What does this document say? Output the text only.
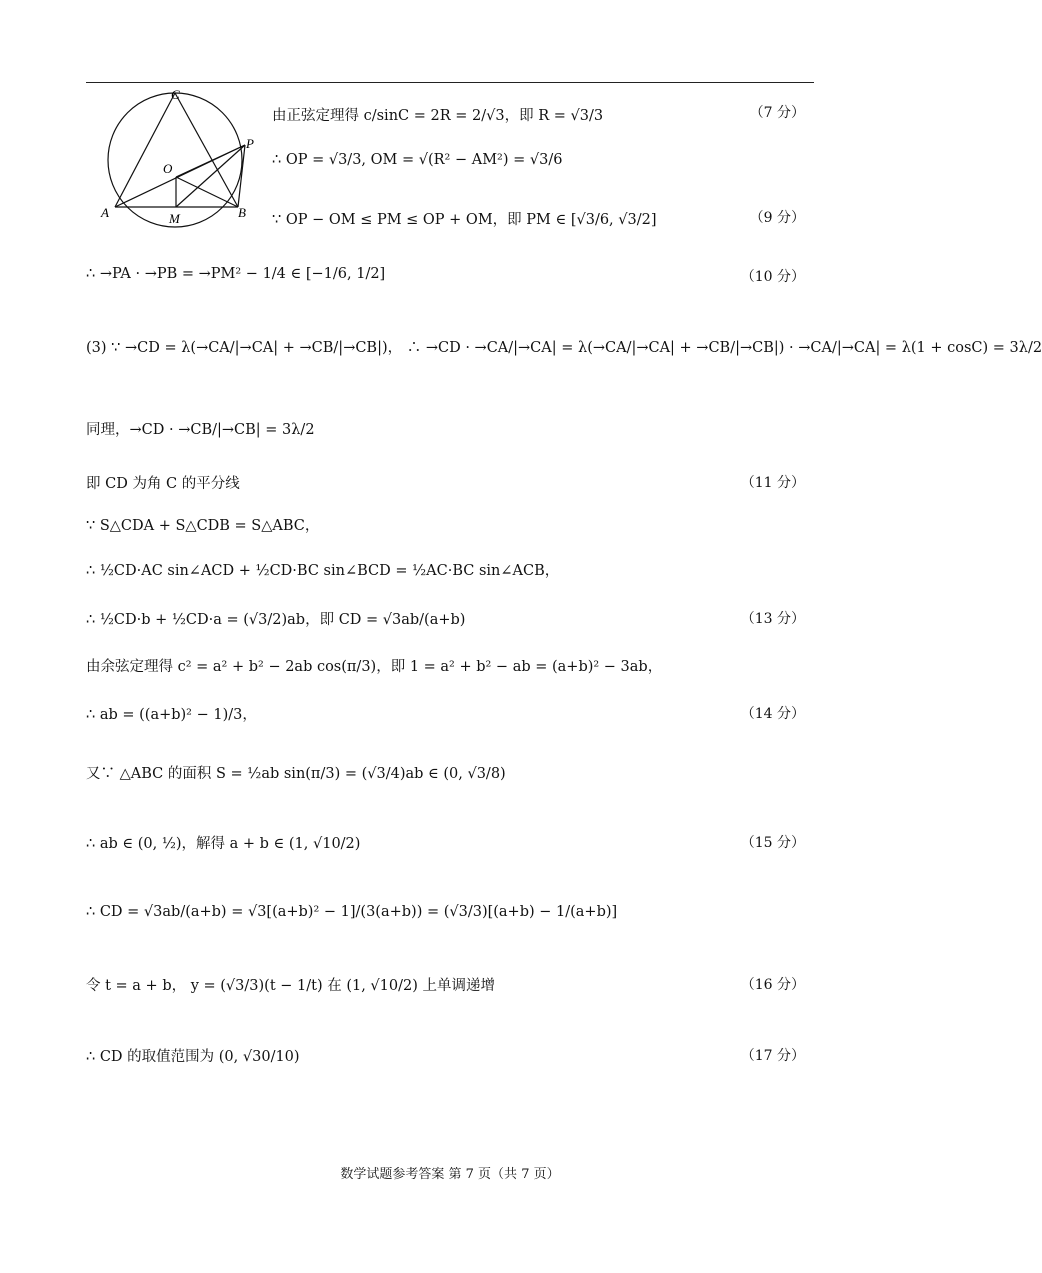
C
P
O
A	M	B
由正弦定理得 c/sinC = 2R = 2/√3，即 R = √3/3	（7 分）
∴ OP = √3/3, OM = √(R² − AM²) = √3/6
∵ OP − OM ≤ PM ≤ OP + OM，即 PM ∈ [√3/6, √3/2]	（9 分）
∴ →PA · →PB = →PM² − 1/4 ∈ [−1/6, 1/2]	（10 分）
(3) ∵ →CD = λ(→CA/|→CA| + →CB/|→CB|)， ∴ →CD · →CA/|→CA| = λ(→CA/|→CA| + →CB/|→CB|) · →CA/|→CA| = λ(1 + cosC) = 3λ/2
同理，→CD · →CB/|→CB| = 3λ/2
即 CD 为角 C 的平分线	（11 分）
∵ S△CDA + S△CDB = S△ABC，
∴ ½CD·AC sin∠ACD + ½CD·BC sin∠BCD = ½AC·BC sin∠ACB，
∴ ½CD·b + ½CD·a = (√3/2)ab，即 CD = √3ab/(a+b)	（13 分）
由余弦定理得 c² = a² + b² − 2ab cos(π/3)，即 1 = a² + b² − ab = (a+b)² − 3ab，
∴ ab = ((a+b)² − 1)/3，	（14 分）
又∵ △ABC 的面积 S = ½ab sin(π/3) = (√3/4)ab ∈ (0, √3/8)
∴ ab ∈ (0, ½)，解得 a + b ∈ (1, √10/2)	（15 分）
∴ CD = √3ab/(a+b) = √3[(a+b)² − 1]/(3(a+b)) = (√3/3)[(a+b) − 1/(a+b)]
令 t = a + b， y = (√3/3)(t − 1/t) 在 (1, √10/2) 上单调递增	（16 分）
∴ CD 的取值范围为 (0, √30/10)	（17 分）
数学试题参考答案 第 7 页（共 7 页）
